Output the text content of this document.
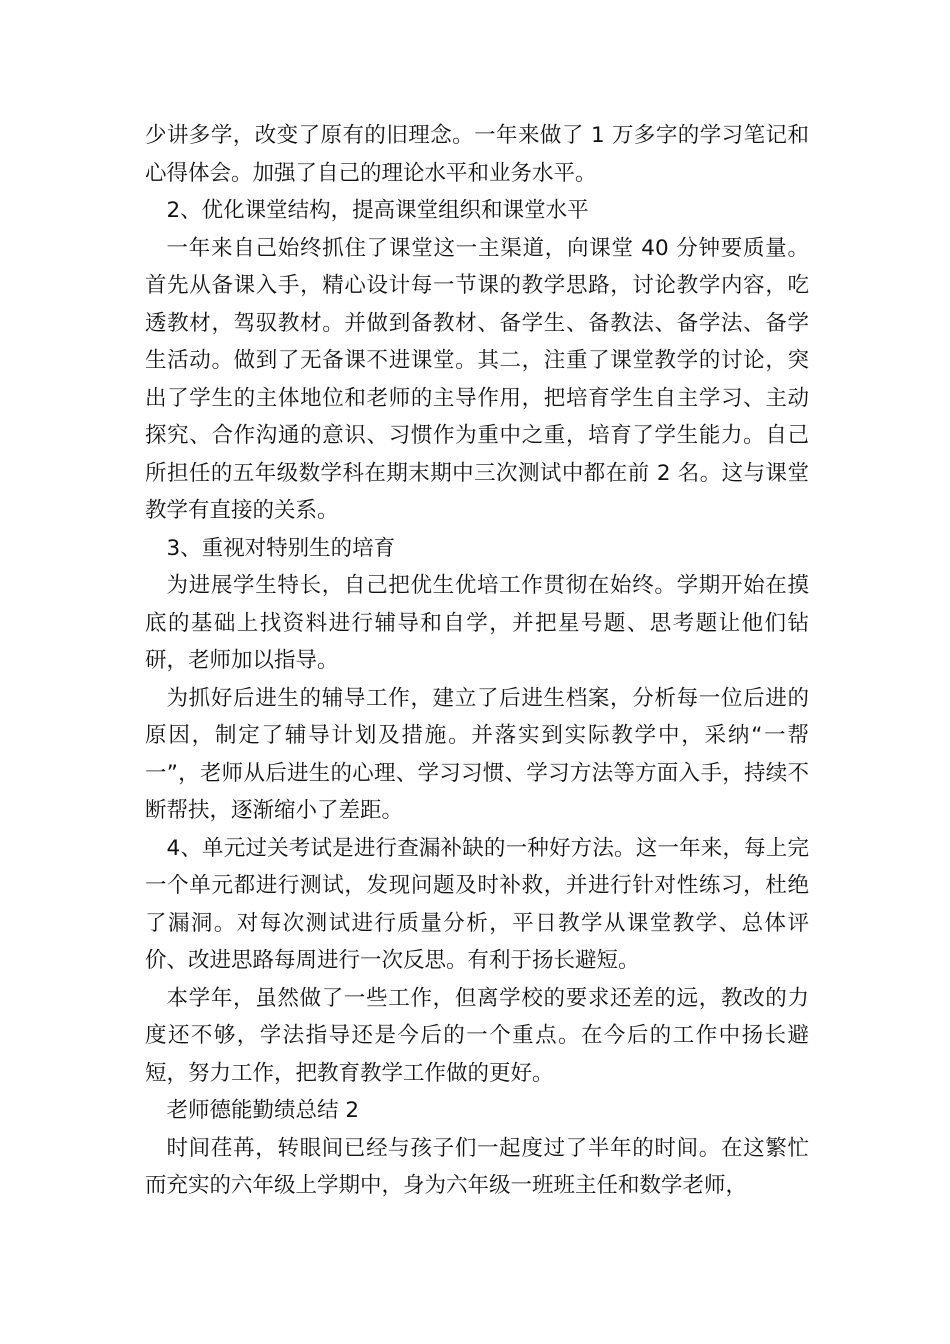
少讲多学，改变了原有的旧理念。一年来做了 1 万多字的学习笔记和心得体会。加强了自己的理论水平和业务水平。

2、优化课堂结构，提高课堂组织和课堂水平

一年来自己始终抓住了课堂这一主渠道，向课堂 40 分钟要质量。首先从备课入手，精心设计每一节课的教学思路，讨论教学内容，吃透教材，驾驭教材。并做到备教材、备学生、备教法、备学法、备学生活动。做到了无备课不进课堂。其二，注重了课堂教学的讨论，突出了学生的主体地位和老师的主导作用，把培育学生自主学习、主动探究、合作沟通的意识、习惯作为重中之重，培育了学生能力。自己所担任的五年级数学科在期末期中三次测试中都在前 2 名。这与课堂教学有直接的关系。

3、重视对特别生的培育

为进展学生特长，自己把优生优培工作贯彻在始终。学期开始在摸底的基础上找资料进行辅导和自学，并把星号题、思考题让他们钻研，老师加以指导。

为抓好后进生的辅导工作，建立了后进生档案，分析每一位后进的原因，制定了辅导计划及措施。并落实到实际教学中，采纳“一帮一”，老师从后进生的心理、学习习惯、学习方法等方面入手，持续不断帮扶，逐渐缩小了差距。

4、单元过关考试是进行查漏补缺的一种好方法。这一年来，每上完一个单元都进行测试，发现问题及时补救，并进行针对性练习，杜绝了漏洞。对每次测试进行质量分析，平日教学从课堂教学、总体评价、改进思路每周进行一次反思。有利于扬长避短。

本学年，虽然做了一些工作，但离学校的要求还差的远，教改的力度还不够，学法指导还是今后的一个重点。在今后的工作中扬长避短，努力工作，把教育教学工作做的更好。

老师德能勤绩总结 2

时间荏苒，转眼间已经与孩子们一起度过了半年的时间。在这繁忙而充实的六年级上学期中，身为六年级一班班主任和数学老师，
